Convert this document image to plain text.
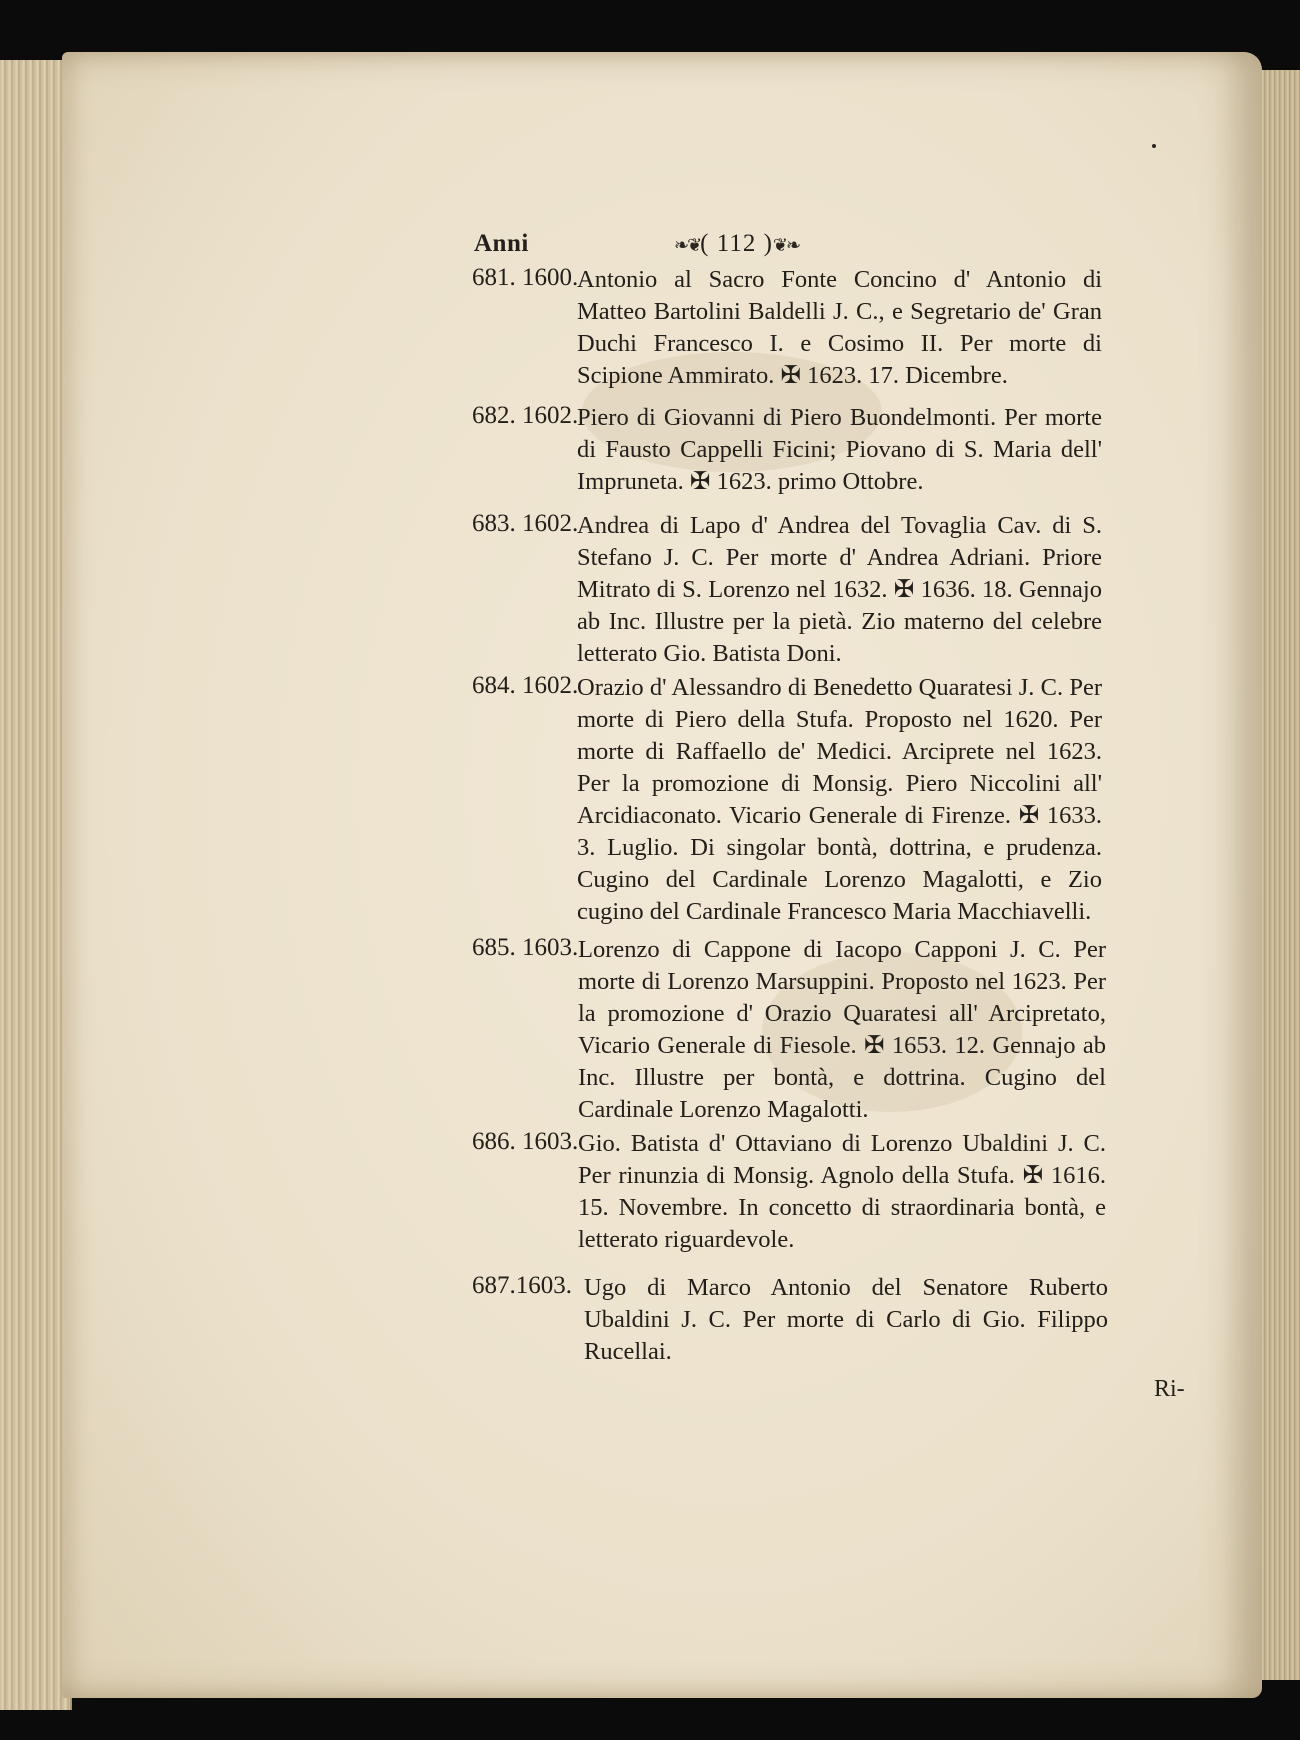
Anni	❧❦( 112 )❦❧
681. 1600.

Antonio al Sacro Fonte Concino d' Antonio di Matteo Bartolini Baldelli J. C., e Segretario de' Gran Duchi Francesco I. e Cosimo II. Per morte di Scipione Ammirato. ✠ 1623. 17. Dicembre.

682. 1602.

Piero di Giovanni di Piero Buondelmonti. Per morte di Fausto Cappelli Ficini; Piovano di S. Maria dell' Impruneta. ✠ 1623. primo Ottobre.

683. 1602.

Andrea di Lapo d' Andrea del Tovaglia Cav. di S. Stefano J. C. Per morte d' Andrea Adriani. Priore Mitrato di S. Lorenzo nel 1632. ✠ 1636. 18. Gennajo ab Inc. Illustre per la pietà. Zio materno del celebre letterato Gio. Batista Doni.

684. 1602.

Orazio d' Alessandro di Benedetto Quaratesi J. C. Per morte di Piero della Stufa. Proposto nel 1620. Per morte di Raffaello de' Medici. Arciprete nel 1623. Per la promozione di Monsig. Piero Niccolini all' Arcidiaconato. Vicario Generale di Firenze. ✠ 1633. 3. Luglio. Di singolar bontà, dottrina, e prudenza. Cugino del Cardinale Lorenzo Magalotti, e Zio cugino del Cardinale Francesco Maria Macchiavelli.

685. 1603. Lorenzo di Cappone di Iacopo Capponi J. C. Per morte di Lorenzo Marsuppini. Proposto nel 1623. Per la promozione d' Orazio Quaratesi all' Arcipretato, Vicario Generale di Fiesole. ✠ 1653. 12. Gennajo ab Inc. Illustre per bontà, e dottrina. Cugino del Cardinale Lorenzo Magalotti.

686. 1603. Gio. Batista d' Ottaviano di Lorenzo Ubaldini J. C. Per rinunzia di Monsig. Agnolo della Stufa. ✠ 1616. 15. Novembre. In concetto di straordinaria bontà, e letterato riguardevole.

687.1603. Ugo di Marco Antonio del Senatore Ruberto Ubaldini J. C. Per morte di Carlo di Gio. Filippo Rucellai.

Ri-
